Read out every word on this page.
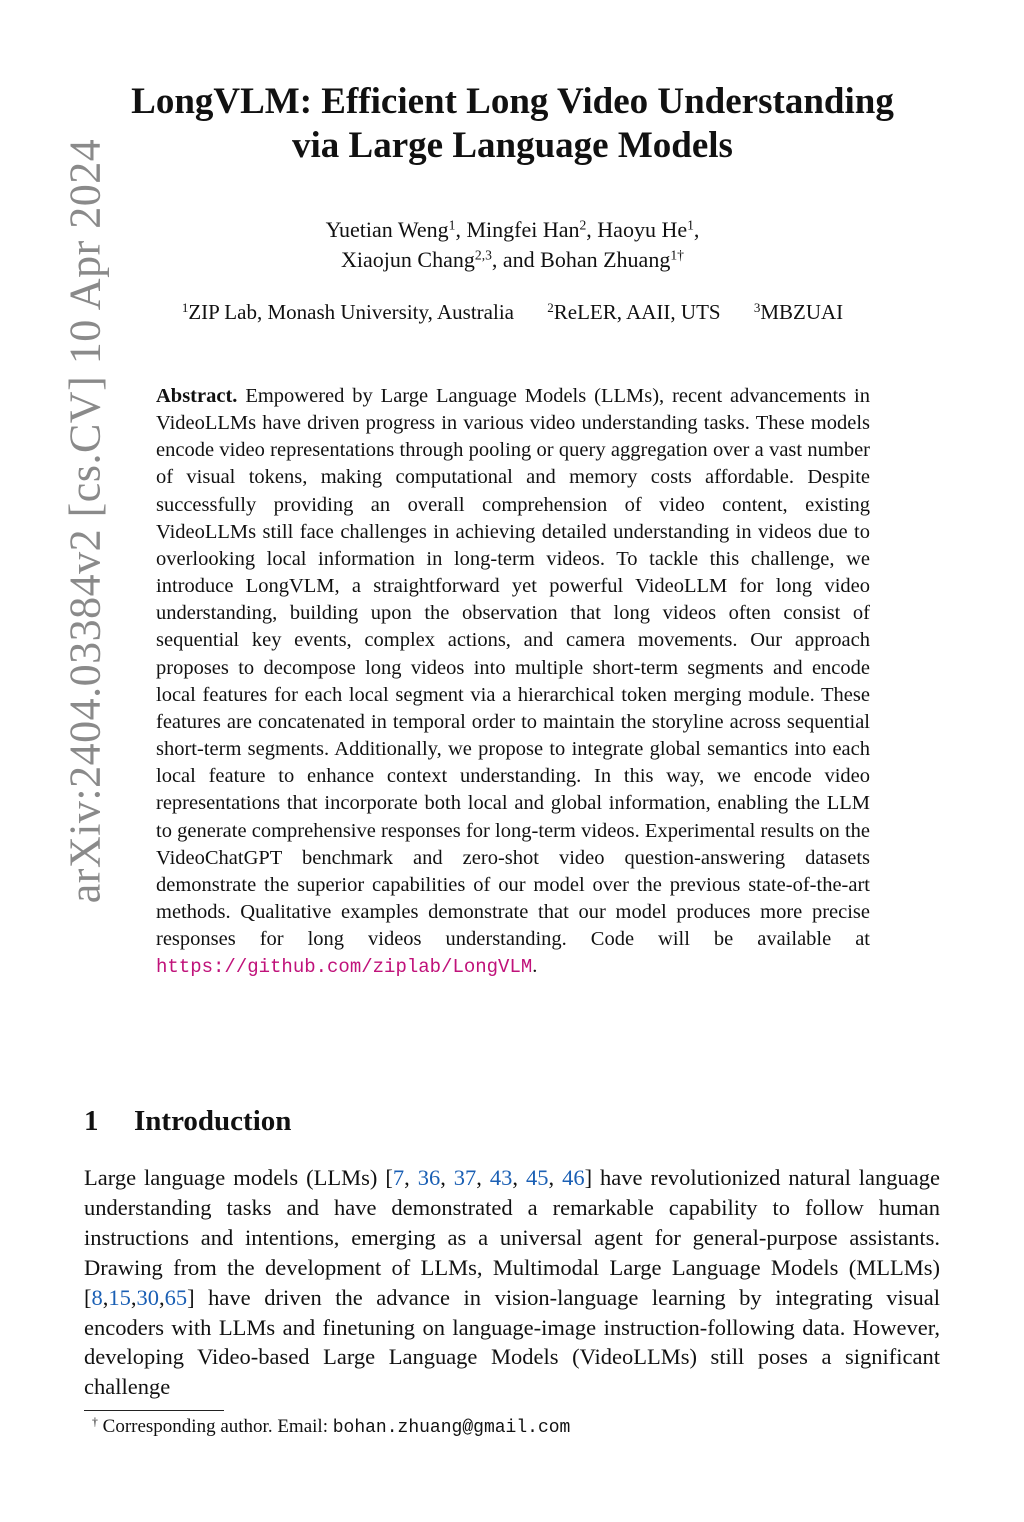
arXiv:2404.03384v2 [cs.CV] 10 Apr 2024
LongVLM: Efficient Long Video Understanding
via Large Language Models
Yuetian Weng$^1$, Mingfei Han$^2$, Haoyu He$^1$,
Xiaojun Chang$^{2,3}$, and Bohan Zhuang$^{1\dagger}$
$^1$ZIP Lab, Monash University, Australia	$^2$ReLER, AAII, UTS	$^3$MBZUAI
Abstract. Empowered by Large Language Models (LLMs), recent advancements in VideoLLMs have driven progress in various video understanding tasks. These models encode video representations through pooling or query aggregation over a vast number of visual tokens, making computational and memory costs affordable. Despite successfully providing an overall comprehension of video content, existing VideoLLMs still face challenges in achieving detailed understanding in videos due to overlooking local information in long-term videos. To tackle this challenge, we introduce LongVLM, a straightforward yet powerful VideoLLM for long video understanding, building upon the observation that long videos often consist of sequential key events, complex actions, and camera movements. Our approach proposes to decompose long videos into multiple short-term segments and encode local features for each local segment via a hierarchical token merging module. These features are concatenated in temporal order to maintain the storyline across sequential short-term segments. Additionally, we propose to integrate global semantics into each local feature to enhance context understanding. In this way, we encode video representations that incorporate both local and global information, enabling the LLM to generate comprehensive responses for long-term videos. Experimental results on the VideoChatGPT benchmark and zero-shot video question-answering datasets demonstrate the superior capabilities of our model over the previous state-of-the-art methods. Qualitative examples demonstrate that our model produces more precise responses for long videos understanding. Code will be available at https://github.com/ziplab/LongVLM.
1 Introduction
Large language models (LLMs) [7, 36, 37, 43, 45, 46] have revolutionized natural language understanding tasks and have demonstrated a remarkable capability to follow human instructions and intentions, emerging as a universal agent for general-purpose assistants. Drawing from the development of LLMs, Multimodal Large Language Models (MLLMs) [8,15,30,65] have driven the advance in vision-language learning by integrating visual encoders with LLMs and finetuning on language-image instruction-following data. However, developing Video-based Large Language Models (VideoLLMs) still poses a significant challenge
† Corresponding author. Email: bohan.zhuang@gmail.com
